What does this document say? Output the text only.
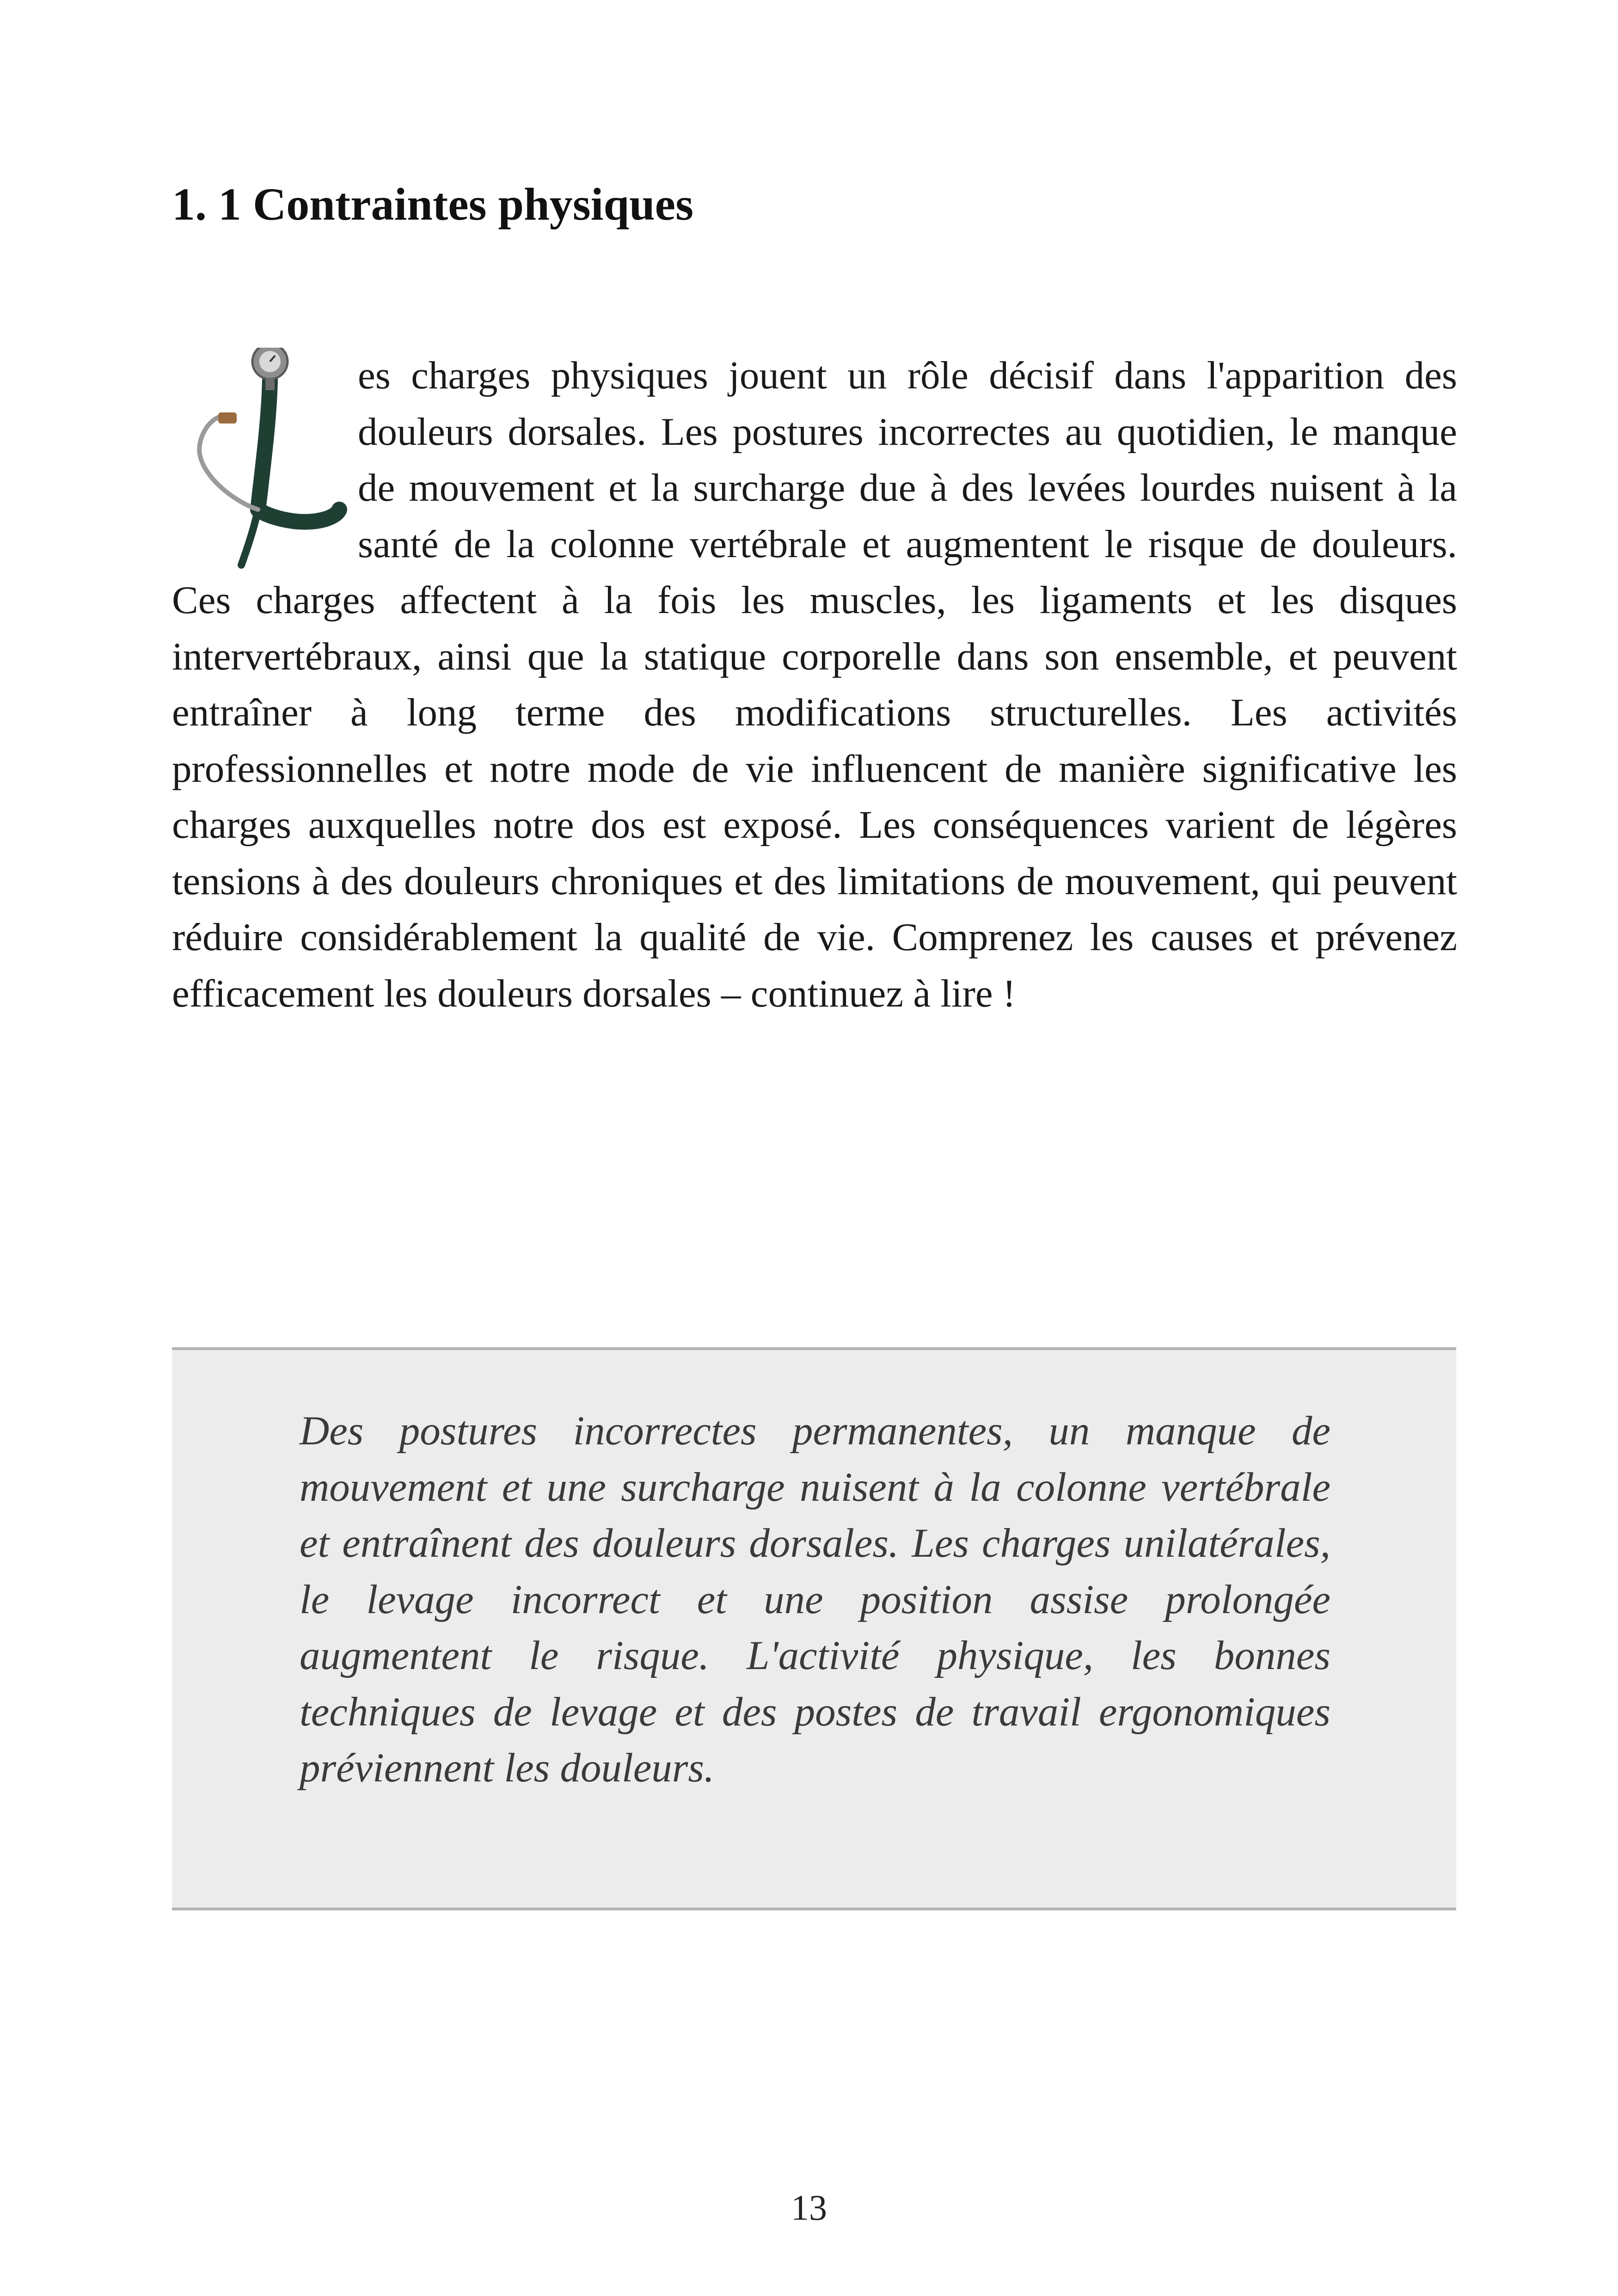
1. 1 Contraintes physiques
es charges physiques jouent un rôle décisif dans l'apparition des douleurs dorsales. Les postures incorrectes au quotidien, le manque de mouvement et la surcharge due à des levées lourdes nuisent à la santé de la colonne vertébrale et augmentent le risque de douleurs. Ces charges affectent à la fois les muscles, les ligaments et les disques intervertébraux, ainsi que la statique corporelle dans son ensemble, et peuvent entraîner à long terme des modifications structurelles. Les activités professionnelles et notre mode de vie influencent de manière significative les charges auxquelles notre dos est exposé. Les conséquences varient de légères tensions à des douleurs chroniques et des limitations de mouvement, qui peuvent réduire considérablement la qualité de vie. Comprenez les causes et prévenez efficacement les douleurs dorsales – continuez à lire !

Des postures incorrectes permanentes, un manque de mouvement et une surcharge nuisent à la colonne vertébrale et entraînent des douleurs dorsales. Les charges unilatérales, le levage incorrect et une position assise prolongée augmentent le risque. L'activité physique, les bonnes techniques de levage et des postes de travail ergonomiques préviennent les douleurs.

13
